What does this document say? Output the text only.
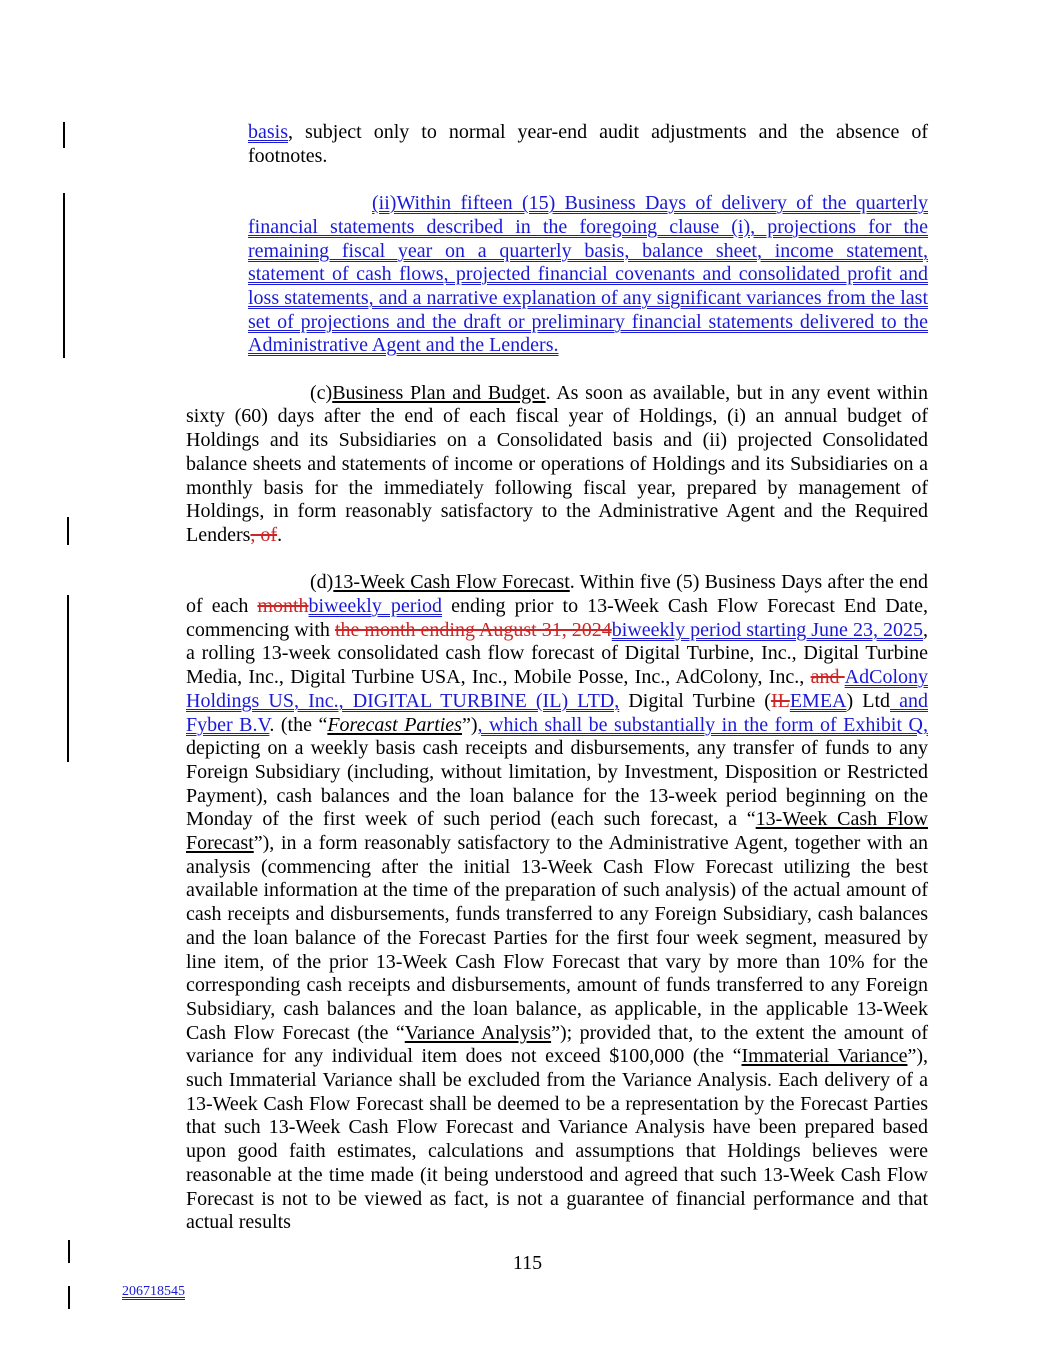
basis, subject only to normal year-end audit adjustments and the absence of footnotes.

(ii)Within fifteen (15) Business Days of delivery of the quarterly financial statements described in the foregoing clause (i), projections for the remaining fiscal year on a quarterly basis, balance sheet, income statement, statement of cash flows, projected financial covenants and consolidated profit and loss statements, and a narrative explanation of any significant variances from the last set of projections and the draft or preliminary financial statements delivered to the Administrative Agent and the Lenders.

(c)Business Plan and Budget. As soon as available, but in any event within sixty (60) days after the end of each fiscal year of Holdings, (i) an annual budget of Holdings and its Subsidiaries on a Consolidated basis and (ii) projected Consolidated balance sheets and statements of income or operations of Holdings and its Subsidiaries on a monthly basis for the immediately following fiscal year, prepared by management of Holdings, in form reasonably satisfactory to the Administrative Agent and the Required Lenders, of.

(d)13-Week Cash Flow Forecast. Within five (5) Business Days after the end of each monthbiweekly period ending prior to 13-Week Cash Flow Forecast End Date, commencing with the month ending August 31, 2024biweekly period starting June 23, 2025, a rolling 13-week consolidated cash flow forecast of Digital Turbine, Inc., Digital Turbine Media, Inc., Digital Turbine USA, Inc., Mobile Posse, Inc., AdColony, Inc., and AdColony Holdings US, Inc., DIGITAL TURBINE (IL) LTD, Digital Turbine (ILEMEA) Ltd and Fyber B.V. (the “Forecast Parties”), which shall be substantially in the form of Exhibit Q, depicting on a weekly basis cash receipts and disbursements, any transfer of funds to any Foreign Subsidiary (including, without limitation, by Investment, Disposition or Restricted Payment), cash balances and the loan balance for the 13-week period beginning on the Monday of the first week of such period (each such forecast, a “13-Week Cash Flow Forecast”), in a form reasonably satisfactory to the Administrative Agent, together with an analysis (commencing after the initial 13-Week Cash Flow Forecast utilizing the best available information at the time of the preparation of such analysis) of the actual amount of cash receipts and disbursements, funds transferred to any Foreign Subsidiary, cash balances and the loan balance of the Forecast Parties for the first four week segment, measured by line item, of the prior 13-Week Cash Flow Forecast that vary by more than 10% for the corresponding cash receipts and disbursements, amount of funds transferred to any Foreign Subsidiary, cash balances and the loan balance, as applicable, in the applicable 13-Week Cash Flow Forecast (the “Variance Analysis”); provided that, to the extent the amount of variance for any individual item does not exceed $100,000 (the “Immaterial Variance”), such Immaterial Variance shall be excluded from the Variance Analysis. Each delivery of a 13-Week Cash Flow Forecast shall be deemed to be a representation by the Forecast Parties that such 13-Week Cash Flow Forecast and Variance Analysis have been prepared based upon good faith estimates, calculations and assumptions that Holdings believes were reasonable at the time made (it being understood and agreed that such 13-Week Cash Flow Forecast is not to be viewed as fact, is not a guarantee of financial performance and that actual results

115
206718545
